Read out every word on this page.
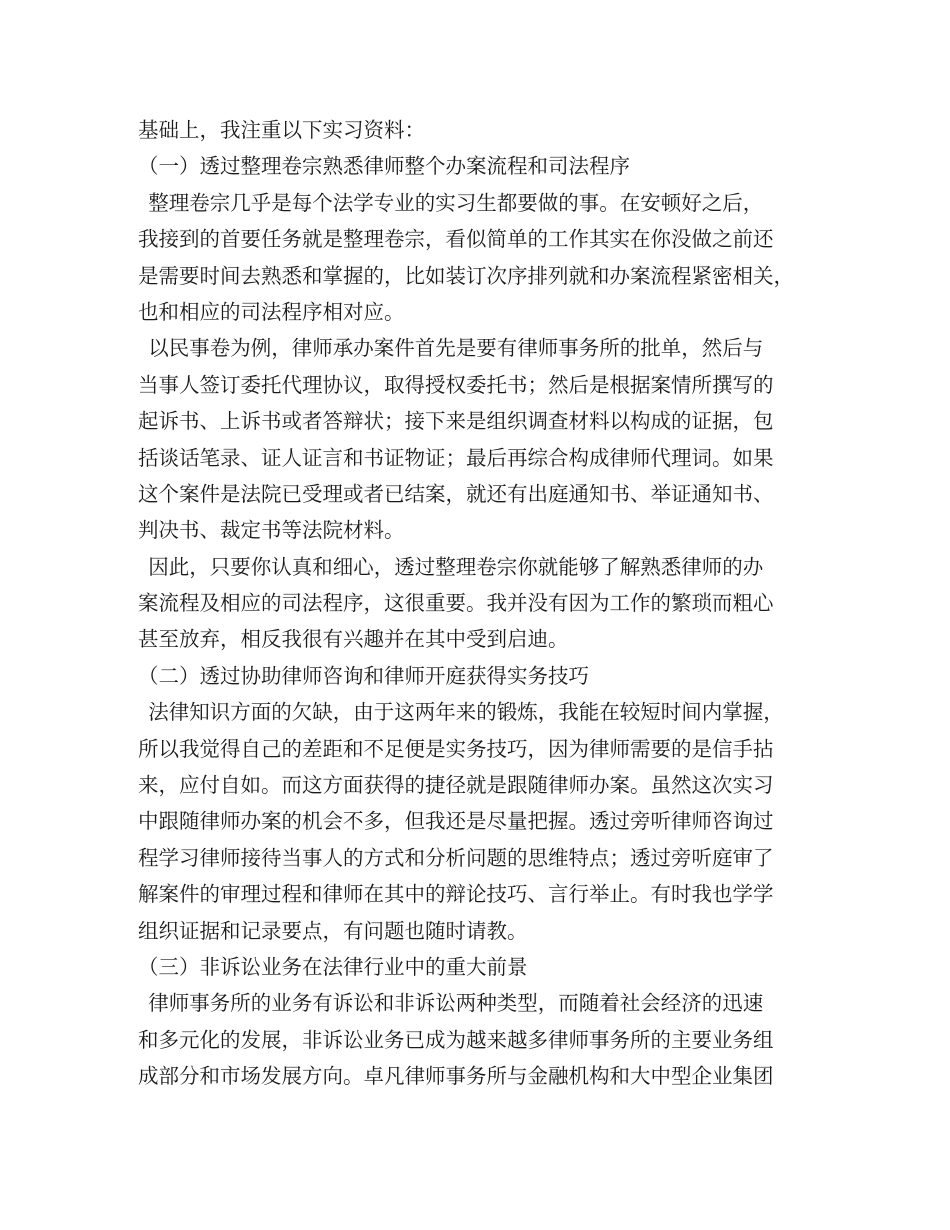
基础上，我注重以下实习资料：
（一）透过整理卷宗熟悉律师整个办案流程和司法程序
整理卷宗几乎是每个法学专业的实习生都要做的事。在安顿好之后，
我接到的首要任务就是整理卷宗，看似简单的工作其实在你没做之前还
是需要时间去熟悉和掌握的，比如装订次序排列就和办案流程紧密相关，
也和相应的司法程序相对应。
以民事卷为例，律师承办案件首先是要有律师事务所的批单，然后与
当事人签订委托代理协议，取得授权委托书；然后是根据案情所撰写的
起诉书、上诉书或者答辩状；接下来是组织调查材料以构成的证据，包
括谈话笔录、证人证言和书证物证；最后再综合构成律师代理词。如果
这个案件是法院已受理或者已结案，就还有出庭通知书、举证通知书、
判决书、裁定书等法院材料。
因此，只要你认真和细心，透过整理卷宗你就能够了解熟悉律师的办
案流程及相应的司法程序，这很重要。我并没有因为工作的繁琐而粗心
甚至放弃，相反我很有兴趣并在其中受到启迪。
（二）透过协助律师咨询和律师开庭获得实务技巧
法律知识方面的欠缺，由于这两年来的锻炼，我能在较短时间内掌握，
所以我觉得自己的差距和不足便是实务技巧，因为律师需要的是信手拈
来，应付自如。而这方面获得的捷径就是跟随律师办案。虽然这次实习
中跟随律师办案的机会不多，但我还是尽量把握。透过旁听律师咨询过
程学习律师接待当事人的方式和分析问题的思维特点；透过旁听庭审了
解案件的审理过程和律师在其中的辩论技巧、言行举止。有时我也学学
组织证据和记录要点，有问题也随时请教。
（三）非诉讼业务在法律行业中的重大前景
律师事务所的业务有诉讼和非诉讼两种类型，而随着社会经济的迅速
和多元化的发展，非诉讼业务已成为越来越多律师事务所的主要业务组
成部分和市场发展方向。卓凡律师事务所与金融机构和大中型企业集团
